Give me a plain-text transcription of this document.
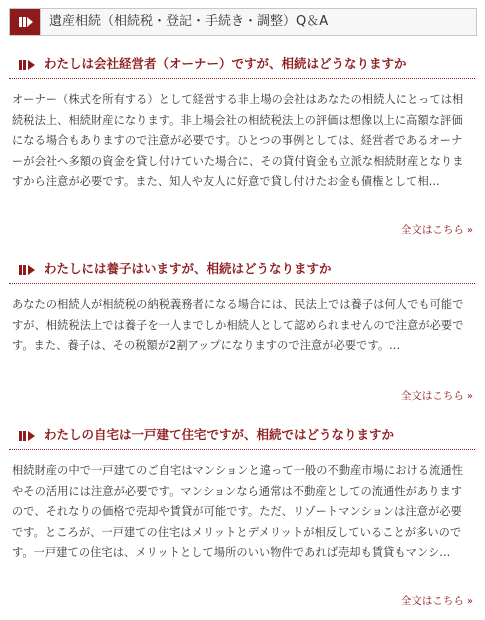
遺産相続（相続税・登記・手続き・調整）Q＆A
わたしは会社経営者（オーナー）ですが、相続はどうなりますか
オーナー（株式を所有する）として経営する非上場の会社はあなたの相続人にとっては相続税法上、相続財産になります。非上場会社の相続税法上の評価は想像以上に高額な評価になる場合もありますので注意が必要です。ひとつの事例としては、経営者であるオーナーが会社へ多額の資金を貸し付けていた場合に、その貸付資金も立派な相続財産となりますから注意が必要です。また、知人や友人に好意で貸し付けたお金も債権として相...
全文はこちら »
わたしには養子はいますが、相続はどうなりますか
あなたの相続人が相続税の納税義務者になる場合には、民法上では養子は何人でも可能ですが、相続税法上では養子を一人までしか相続人として認められませんので注意が必要です。また、養子は、その税額が2割アップになりますので注意が必要です。...
全文はこちら »
わたしの自宅は一戸建て住宅ですが、相続ではどうなりますか
相続財産の中で一戸建てのご自宅はマンションと違って一般の不動産市場における流通性やその活用には注意が必要です。マンションなら通常は不動産としての流通性がありますので、それなりの価格で売却や賃貸が可能です。ただ、リゾートマンションは注意が必要です。ところが、一戸建ての住宅はメリットとデメリットが相反していることが多いのです。一戸建ての住宅は、メリットとして場所のいい物件であれば売却も賃貸もマンシ...
全文はこちら »
